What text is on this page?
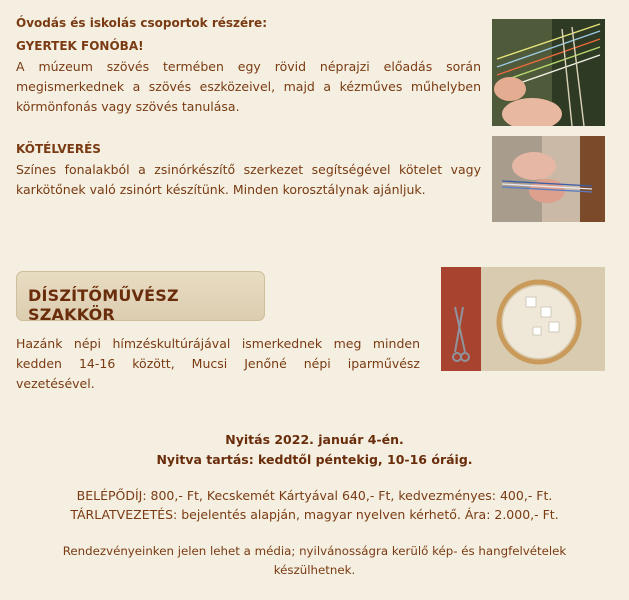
Óvodás és iskolás csoportok részére:
GYERTEK FONÓBA!
A múzeum szövés termében egy rövid néprajzi előadás során megismerkednek a szövés eszközeivel, majd a kézműves műhelyben körmönfonás vagy szövés tanulása.
KÖTÉLVERÉS
Színes fonalakból a zsinórkészítő szerkezet segítségével kötelet vagy karkötőnek való zsinórt készítünk. Minden korosztálynak ajánljuk.
DÍSZÍTŐMŰVÉSZ SZAKKÖR
Hazánk népi hímzéskultúrájával ismerkednek meg minden kedden 14-16 között, Mucsi Jenőné népi iparművész vezetésével.
Nyitás 2022. január 4-én.
Nyitva tartás: keddtől péntekig, 10-16 óráig.
BELÉPŐDÍJ: 800,- Ft, Kecskemét Kártyával 640,- Ft, kedvezményes: 400,- Ft.
TÁRLATVEZETÉS: bejelentés alapján, magyar nyelven kérhető. Ára: 2.000,- Ft.
Rendezvényeinken jelen lehet a média; nyilvánosságra kerülő kép- és hangfelvételek készülhetnek.
